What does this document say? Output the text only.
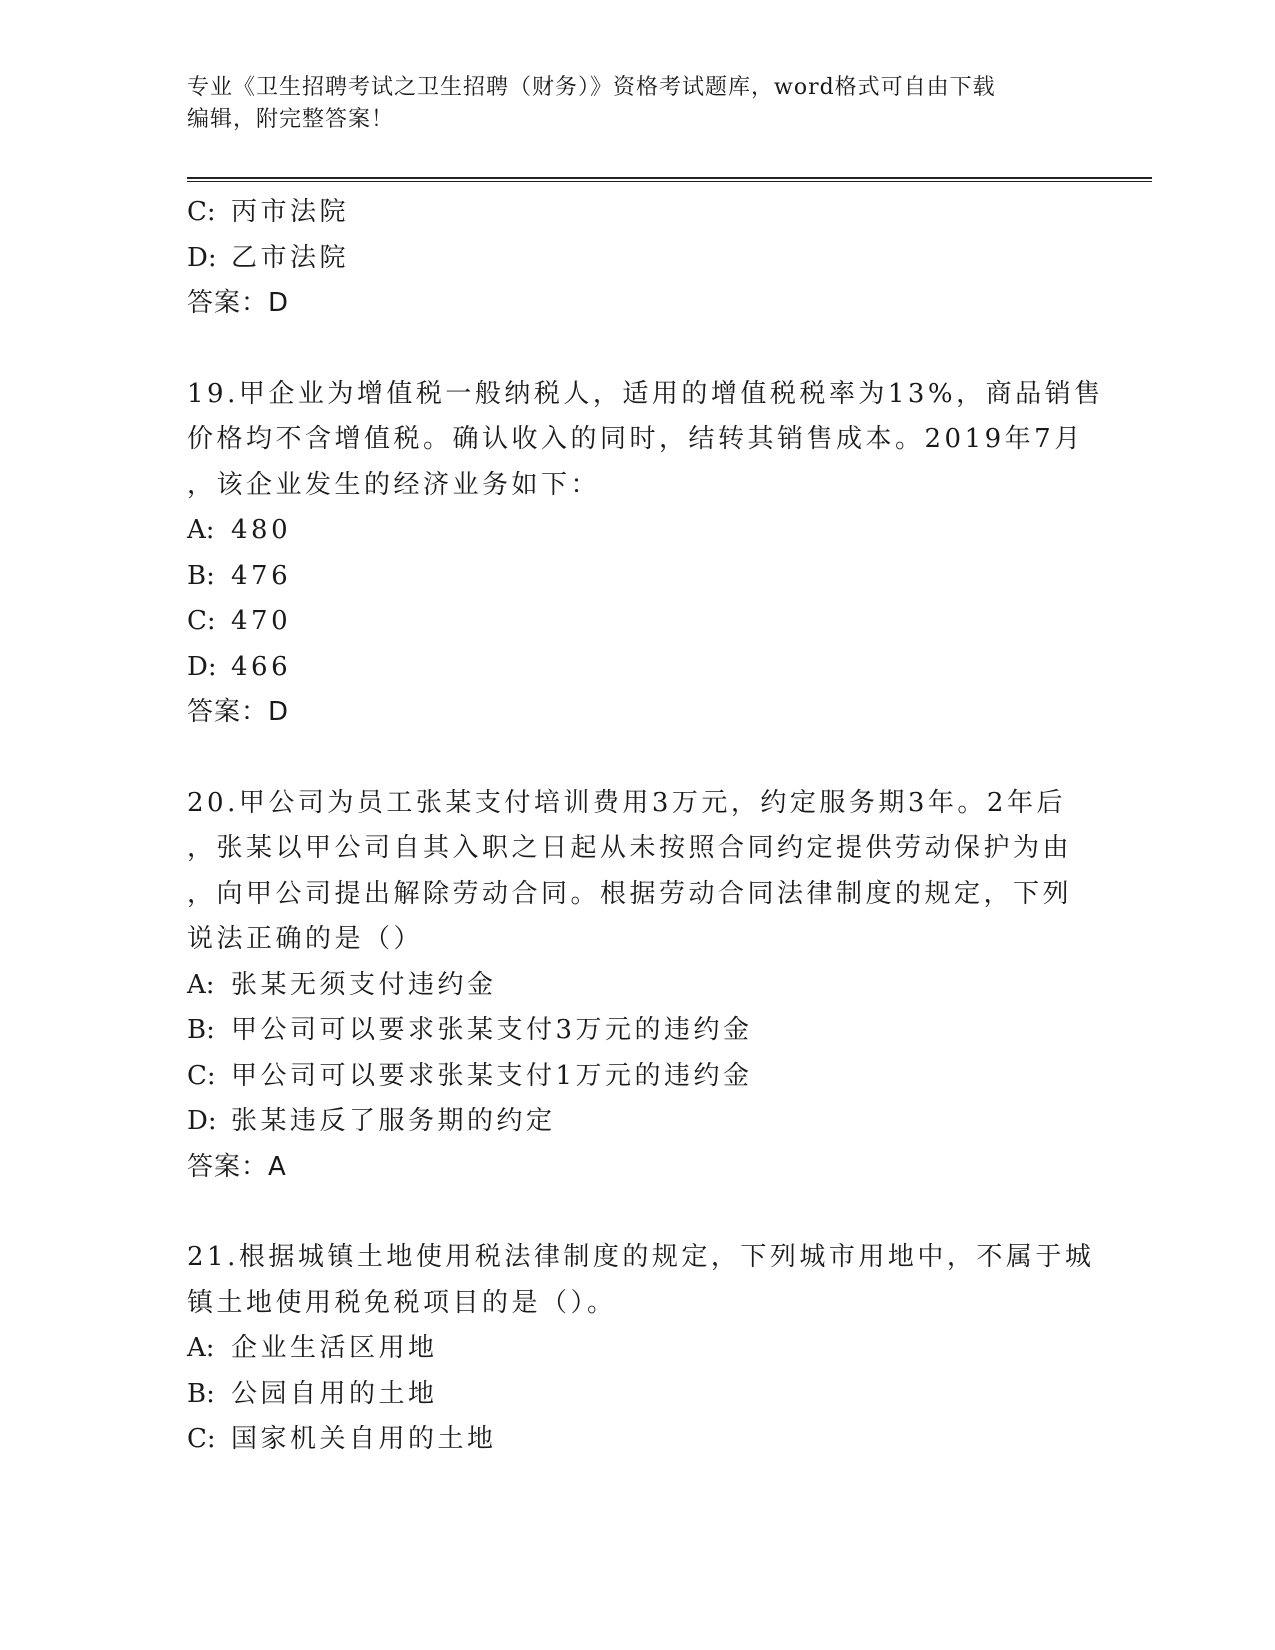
专业《卫生招聘考试之卫生招聘（财务）》资格考试题库，word格式可自由下载

编辑，附完整答案！

C: 丙市法院
D: 乙市法院
答案：D
19.甲企业为增值税一般纳税人，适用的增值税税率为13%，商品销售
价格均不含增值税。确认收入的同时，结转其销售成本。2019年7月
，该企业发生的经济业务如下：
A: 480
B: 476
C: 470
D: 466
答案：D
20.甲公司为员工张某支付培训费用3万元，约定服务期3年。2年后
，张某以甲公司自其入职之日起从未按照合同约定提供劳动保护为由
，向甲公司提出解除劳动合同。根据劳动合同法律制度的规定，下列
说法正确的是（）
A: 张某无须支付违约金
B: 甲公司可以要求张某支付3万元的违约金
C: 甲公司可以要求张某支付1万元的违约金
D: 张某违反了服务期的约定
答案：A
21.根据城镇土地使用税法律制度的规定，下列城市用地中，不属于城
镇土地使用税免税项目的是（）。
A: 企业生活区用地
B: 公园自用的土地
C: 国家机关自用的土地
